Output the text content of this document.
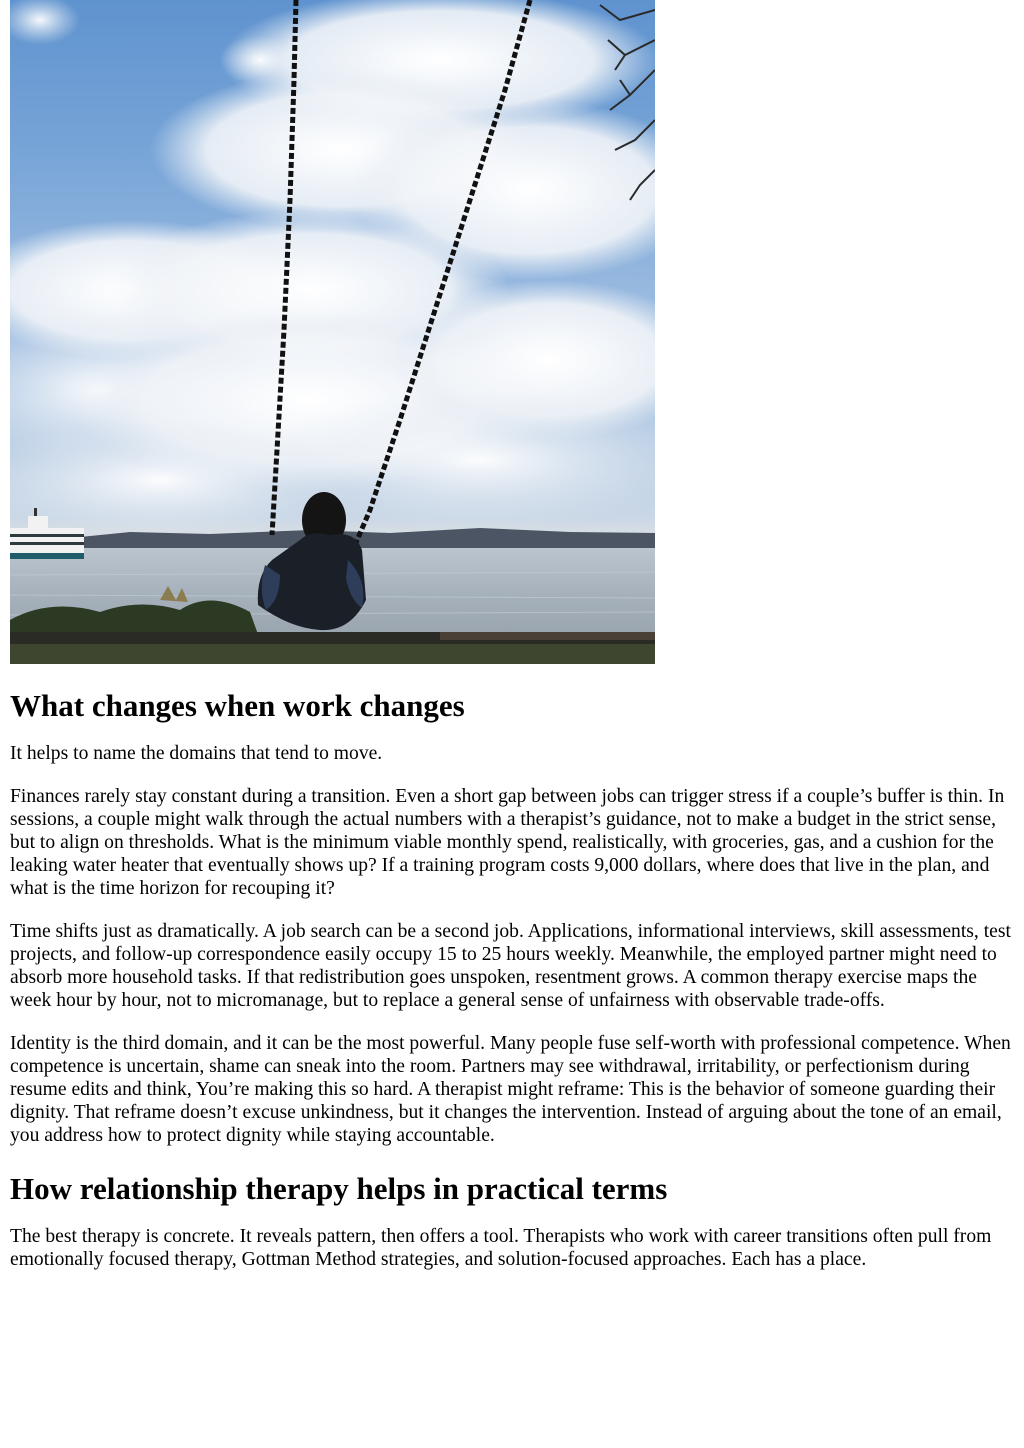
What changes when work changes

It helps to name the domains that tend to move.

Finances rarely stay constant during a transition. Even a short gap between jobs can trigger stress if a couple’s buffer is thin. In sessions, a couple might walk through the actual numbers with a therapist’s guidance, not to make a budget in the strict sense, but to align on thresholds. What is the minimum viable monthly spend, realistically, with groceries, gas, and a cushion for the leaking water heater that eventually shows up? If a training program costs 9,000 dollars, where does that live in the plan, and what is the time horizon for recouping it?

Time shifts just as dramatically. A job search can be a second job. Applications, informational interviews, skill assessments, test projects, and follow-up correspondence easily occupy 15 to 25 hours weekly. Meanwhile, the employed partner might need to absorb more household tasks. If that redistribution goes unspoken, resentment grows. A common therapy exercise maps the week hour by hour, not to micromanage, but to replace a general sense of unfairness with observable trade-offs.

Identity is the third domain, and it can be the most powerful. Many people fuse self-worth with professional competence. When competence is uncertain, shame can sneak into the room. Partners may see withdrawal, irritability, or perfectionism during resume edits and think, You’re making this so hard. A therapist might reframe: This is the behavior of someone guarding their dignity. That reframe doesn’t excuse unkindness, but it changes the intervention. Instead of arguing about the tone of an email, you address how to protect dignity while staying accountable.

How relationship therapy helps in practical terms

The best therapy is concrete. It reveals pattern, then offers a tool. Therapists who work with career transitions often pull from emotionally focused therapy, Gottman Method strategies, and solution-focused approaches. Each has a place.
